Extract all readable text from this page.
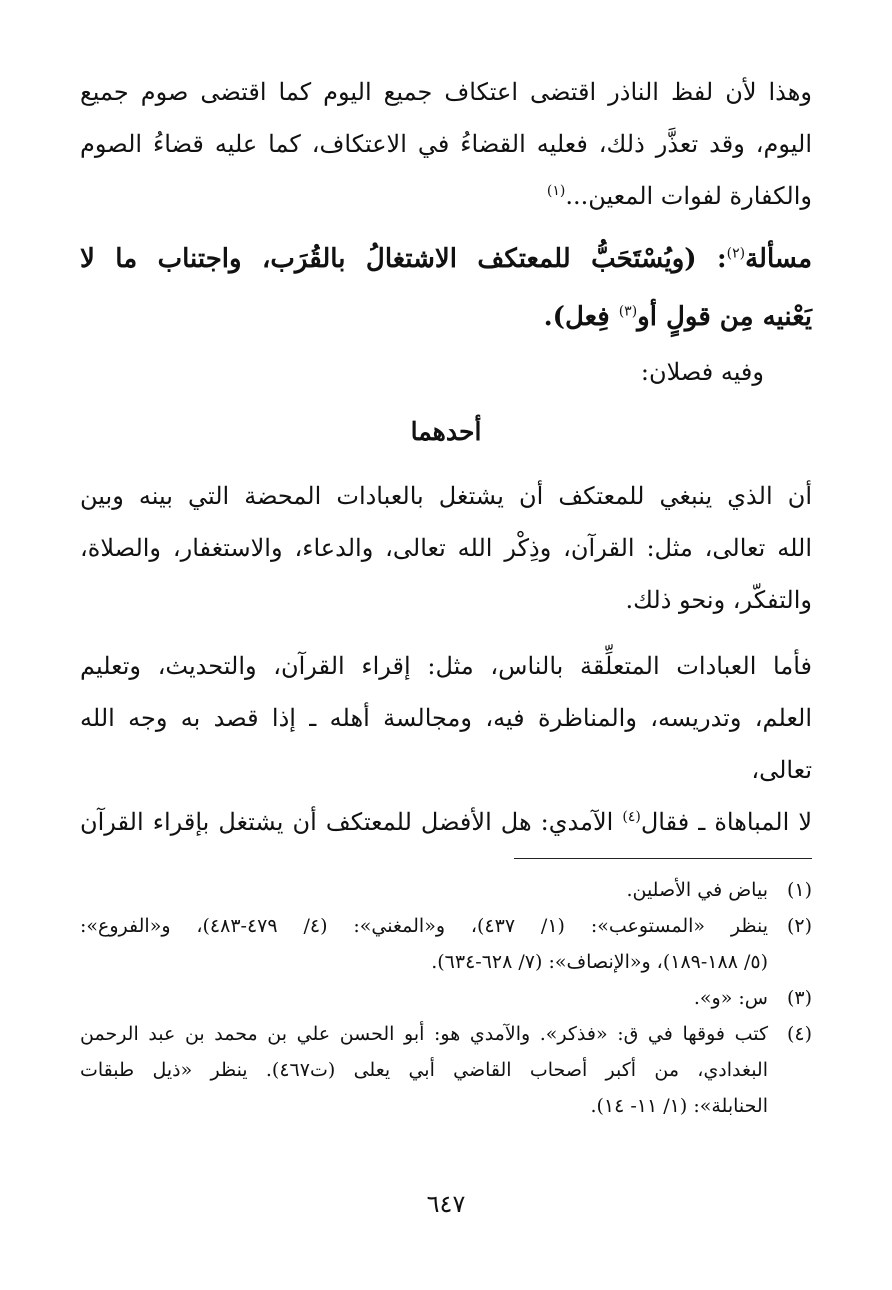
وهذا لأن لفظ الناذر اقتضى اعتكاف جميع اليوم كما اقتضى صوم جميع
اليوم، وقد تعذَّر ذلك، فعليه القضاءُ في الاعتكاف، كما عليه قضاءُ الصوم
والكفارة لفوات المعين...$^{(١)}$

مسألة$^{(٢)}$: (ويُسْتَحَبُّ للمعتكف الاشتغالُ بالقُرَب، واجتناب ما لا
يَعْنيه مِن قولٍ أو$^{(٣)}$ فِعل).

وفيه فصلان:

أحدهما

أن الذي ينبغي للمعتكف أن يشتغل بالعبادات المحضة التي بينه وبين
الله تعالى، مثل: القرآن، وذِكْر الله تعالى، والدعاء، والاستغفار، والصلاة،
والتفكّر، ونحو ذلك.

فأما العبادات المتعلِّقة بالناس، مثل: إقراء القرآن، والتحديث، وتعليم
العلم، وتدريسه، والمناظرة فيه، ومجالسة أهله ـ إذا قصد به وجه الله تعالى،
لا المباهاة ـ فقال$^{(٤)}$ الآمدي: هل الأفضل للمعتكف أن يشتغل بإقراء القرآن

(١)
بياض في الأصلين.
(٢)
ينظر «المستوعب»: (١/ ٤٣٧)، و«المغني»: (٤/ ٤٧٩-٤٨٣)، و«الفروع»:
(٥/ ١٨٨-١٨٩)، و«الإنصاف»: (٧/ ٦٢٨-٦٣٤).
(٣)
س: «و».
(٤)
كتب فوقها في ق: «فذكر». والآمدي هو: أبو الحسن علي بن محمد بن عبد الرحمن
البغدادي، من أكبر أصحاب القاضي أبي يعلى (ت٤٦٧). ينظر «ذيل طبقات
الحنابلة»: (١/ ١١- ١٤).
٦٤٧
